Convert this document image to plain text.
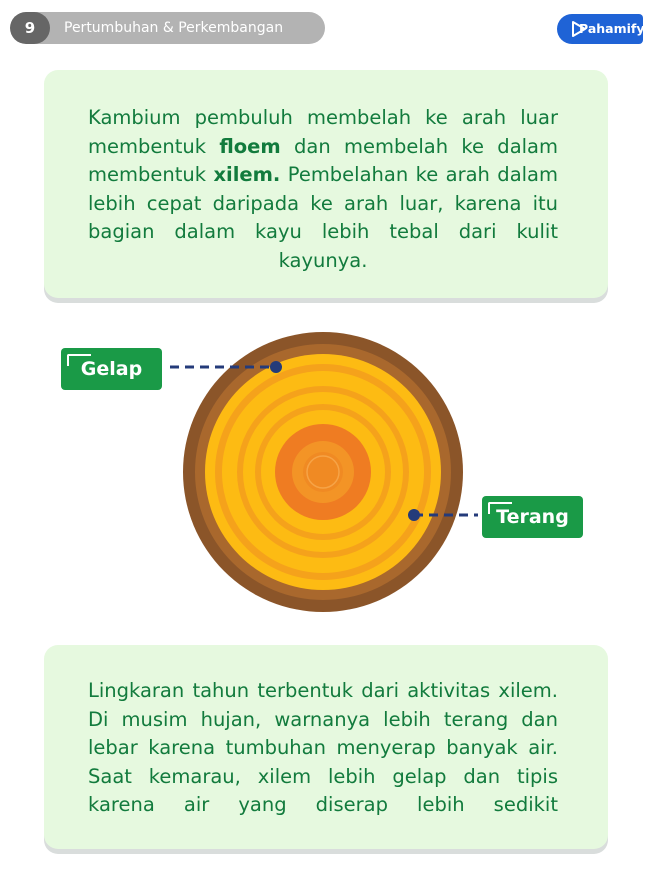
9	Pertumbuhan & Perkembangan	Pahamify
Kambium pembuluh membelah ke arah luar membentuk floem dan membelah ke dalam membentuk xilem. Pembelahan ke arah dalam lebih cepat daripada ke arah luar, karena itu bagian dalam kayu lebih tebal dari kulit kayunya.
Gelap
Terang
Lingkaran tahun terbentuk dari aktivitas xilem. Di musim hujan, warnanya lebih terang dan lebar karena tumbuhan menyerap banyak air. Saat kemarau, xilem lebih gelap dan tipis karena air yang diserap lebih sedikit
